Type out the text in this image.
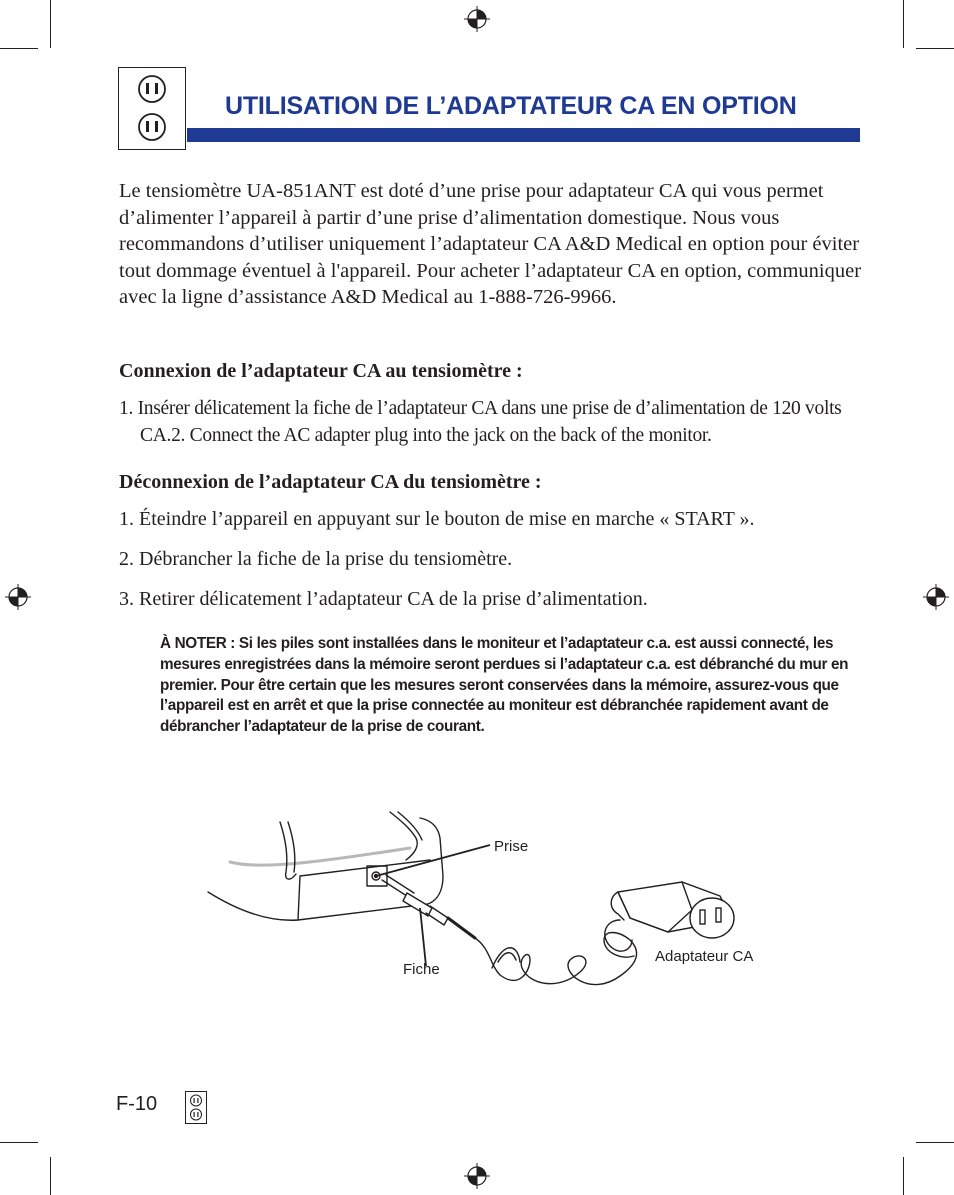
UTILISATION DE L’ADAPTATEUR CA EN OPTION
Le tensiomètre UA-851ANT est doté d’une prise pour adaptateur CA qui vous permet d’alimenter l’appareil à partir d’une prise d’alimentation domestique. Nous vous recommandons d’utiliser uniquement l’adaptateur CA A&D Medical en option pour éviter tout dommage éventuel à l'appareil. Pour acheter l’adaptateur CA en option, communiquer avec la ligne d’assistance A&D Medical au 1-888-726-9966.
Connexion de l’adaptateur CA au tensiomètre :
1. Insérer délicatement la fiche de l’adaptateur CA dans une prise de d’alimentation de 120 volts CA.2. Connect the AC adapter plug into the jack on the back of the monitor.
Déconnexion de l’adaptateur CA du tensiomètre :
1. Éteindre l’appareil en appuyant sur le bouton de mise en marche « START ».
2. Débrancher la fiche de la prise du tensiomètre.
3. Retirer délicatement l’adaptateur CA de la prise d’alimentation.
À NOTER : Si les piles sont installées dans le moniteur et l’adaptateur c.a. est aussi connecté, les mesures enregistrées dans la mémoire seront perdues si l’adaptateur c.a. est débranché du mur en premier. Pour être certain que les mesures seront conservées dans la mémoire, assurez-vous que l’appareil est en arrêt et que la prise connectée au moniteur est débranchée rapidement avant de débrancher l’adaptateur de la prise de courant.
Prise
Fiche
Adaptateur CA
F-10
